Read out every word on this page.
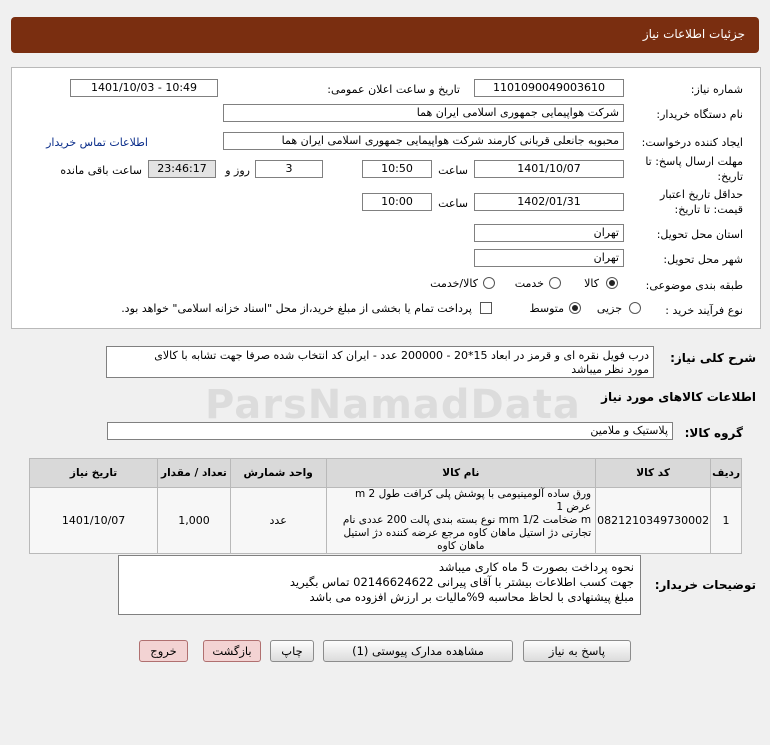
جزئیات اطلاعات نیاز
شماره نیاز:
1101090049003610
تاریخ و ساعت اعلان عمومی:
1401/10/03 - 10:49
نام دستگاه خریدار:
شرکت هواپیمایی جمهوری اسلامی ایران هما
ایجاد کننده درخواست:
محبوبه جانعلی قربانی کارمند شرکت هواپیمایی جمهوری اسلامی ایران هما
اطلاعات تماس خریدار
مهلت ارسال پاسخ: تا
تاریخ:
1401/10/07
ساعت
10:50
3
روز و
23:46:17
ساعت باقی مانده
حداقل تاریخ اعتبار
قیمت: تا تاریخ:
1402/01/31
ساعت
10:00
استان محل تحویل:
تهران
شهر محل تحویل:
تهران
طبقه بندی موضوعی:
کالا
خدمت
کالا/خدمت
نوع فرآیند خرید :
جزیی
متوسط
پرداخت تمام یا بخشی از مبلغ خرید،از محل "اسناد خزانه اسلامی" خواهد بود.
شرح کلی نیاز:
درب فویل نقره ای و قرمز در ابعاد 15*20 - 200000 عدد - ایران کد انتخاب شده صرفا جهت تشابه با کالای
مورد نظر میباشد
اطلاعات کالاهای مورد نیاز
گروه کالا:
پلاستیک و ملامین
ردیف	کد کالا	نام کالا	واحد شمارش	تعداد / مقدار	تاریخ نیاز
1	0821210349730002	ورق ساده آلومینیومی با پوشش پلی کرافت طول m 2 عرض 1
m ضخامت mm 1/2 نوع بسته بندی پالت 200 عددی نام
تجارتی دژ استیل ماهان کاوه مرجع عرضه کننده دژ استیل
ماهان کاوه	عدد	1,000	1401/10/07
توضیحات خریدار:
نحوه پرداخت بصورت 5 ماه کاری میباشد
جهت کسب اطلاعات بیشتر با آقای پیرانی 02146624622 تماس بگیرید
مبلغ پیشنهادی با لحاظ محاسبه 9%مالیات بر ارزش افزوده می باشد
ParsNamadData
پاسخ به نیاز
مشاهده مدارک پیوستی (1)
چاپ
بازگشت
خروج
